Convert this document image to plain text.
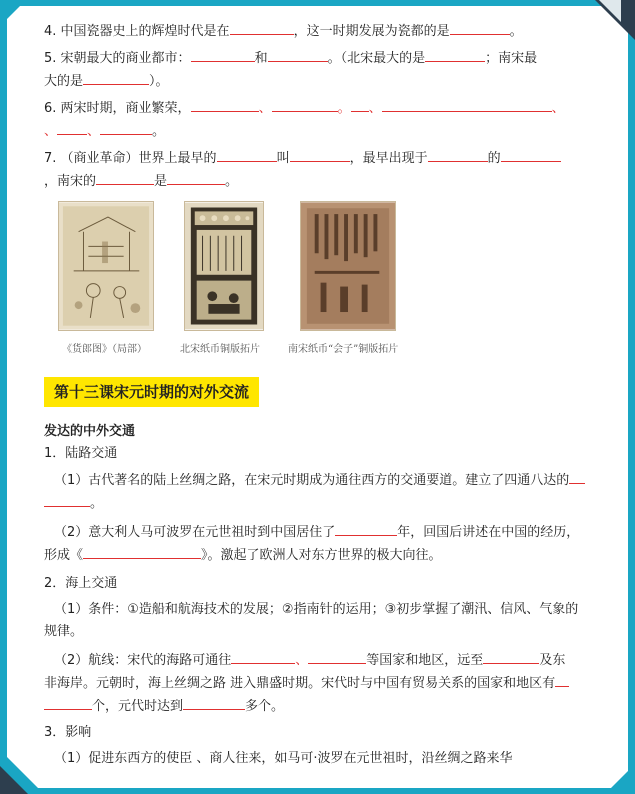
4. 中国瓷器史上的辉煌时代是在	，这一时期发展为瓷都的是	。
5. 宋朝最大的商业都市：	和	。（北宋最大的是	；南宋最
大的是	）。
6. 两宋时期，商业繁荣，	、	。 、	、
、 、	。
7. （商业革命）世界上最早的	叫	，最早出现于	的
，南宋的	是	。
《货郎图》（局部）	北宋纸币铜版拓片	南宋纸币“会子”铜版拓片
第十三课宋元时期的对外交流
发达的中外交通
1．陆路交通
（1）古代著名的陆上丝绸之路，在宋元时期成为通往西方的交通要道。建立了四通八达的
。
（2）意大利人马可波罗在元世祖时到中国居住了	年，回国后讲述在中国的经历，
形成《	》。激起了欧洲人对东方世界的极大向往。
2．海上交通
（1）条件：①造船和航海技术的发展；②指南针的运用；③初步掌握了潮汛、信风、气象的
规律。
（2）航线：宋代的海路可通往	、	等国家和地区，远至	及东
非海岸。元朝时，海上丝绸之路 进入鼎盛时期。宋代时与中国有贸易关系的国家和地区有
个，元代时达到	多个。
3．影响
（1）促进东西方的使臣 、商人往来，如马可·波罗在元世祖时，沿丝绸之路来华
